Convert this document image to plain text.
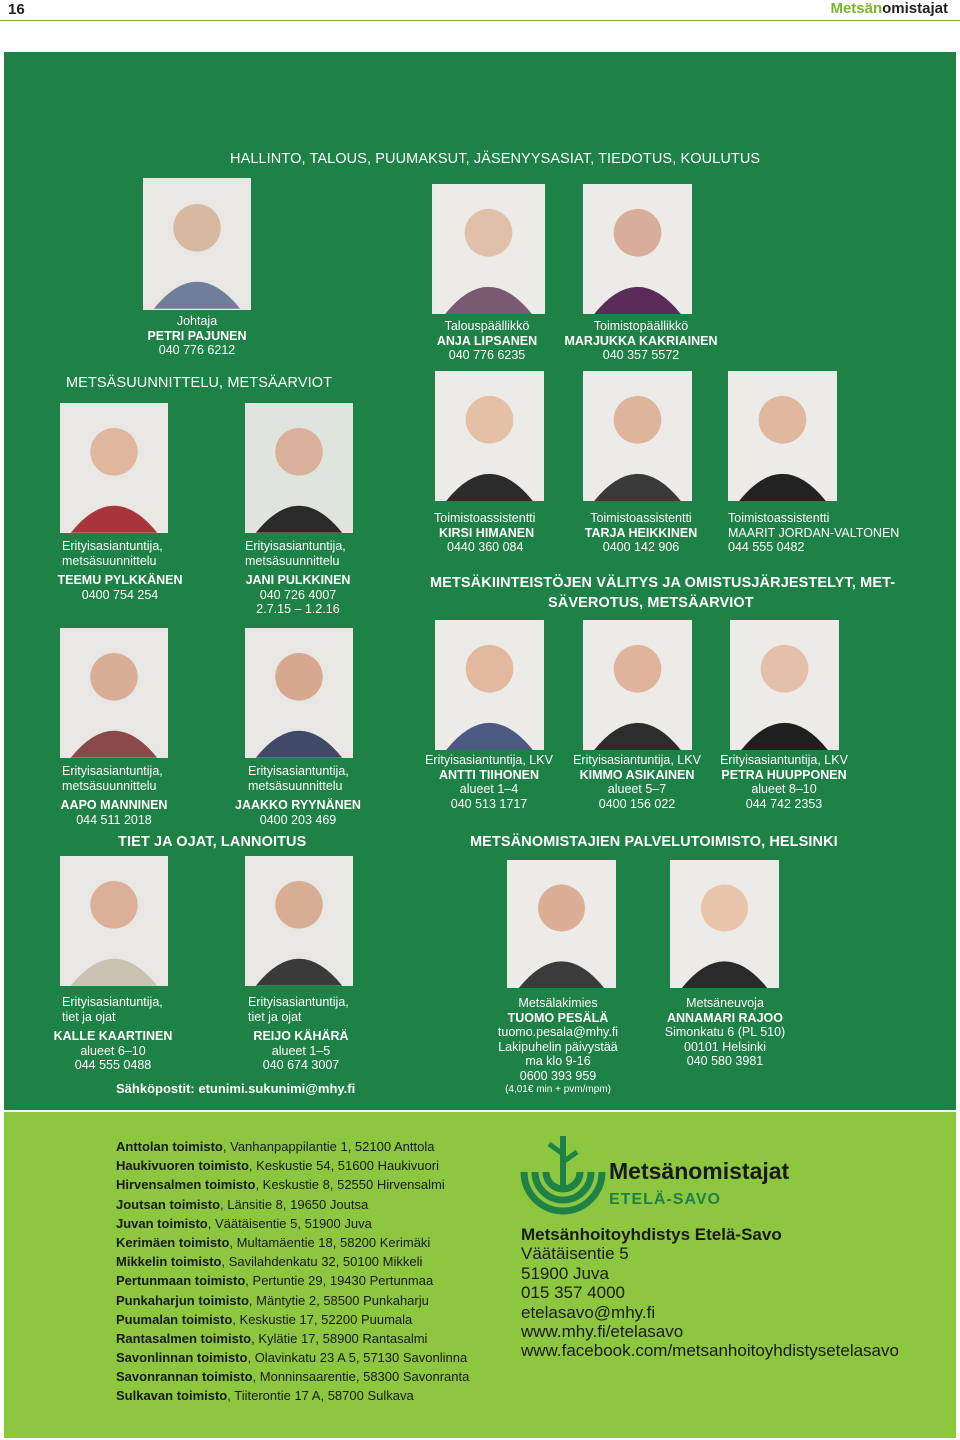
16	Metsänomistajat
HALLINTO, TALOUS, PUUMAKSUT, JÄSENYYSASIAT, TIEDOTUS, KOULUTUS
METSÄSUUNNITTELU, METSÄARVIOT
METSÄKIINTEISTÖJEN VÄLITYS JA OMISTUSJÄRJESTELYT, MET-
SÄVEROTUS, METSÄARVIOT
TIET JA OJAT, LANNOITUS	METSÄNOMISTAJIEN PALVELUTOIMISTO, HELSINKI
Johtaja
PETRI PAJUNEN
040 776 6212
Talouspäällikkö
ANJA LIPSANEN
040 776 6235
Toimistopäällikkö
MARJUKKA KAKRIAINEN
040 357 5572
Erityisasiantuntija,
metsäsuunnittelu
TEEMU PYLKKÄNEN
0400 754 254
Erityisasiantuntija,
metsäsuunnittelu
JANI PULKKINEN
040 726 4007
2.7.15 – 1.2.16
Toimistoassistentti
KIRSI HIMANEN
0440 360 084
Toimistoassistentti
TARJA HEIKKINEN
0400 142 906
Toimistoassistentti
MAARIT JORDAN-VALTONEN
044 555 0482
Erityisasiantuntija,
metsäsuunnittelu
AAPO MANNINEN
044 511 2018
Erityisasiantuntija,
metsäsuunnittelu
JAAKKO RYYNÄNEN
0400 203 469
Erityisasiantuntija, LKV
ANTTI TIIHONEN
alueet 1–4
040 513 1717
Erityisasiantuntija, LKV
KIMMO ASIKAINEN
alueet 5–7
0400 156 022
Erityisasiantuntija, LKV
PETRA HUUPPONEN
alueet 8–10
044 742 2353
Erityisasiantuntija,
tiet ja ojat
KALLE KAARTINEN
alueet 6–10
044 555 0488
Erityisasiantuntija,
tiet ja ojat
REIJO KÄHÄRÄ
alueet 1–5
040 674 3007
Metsälakimies
TUOMO PESÄLÄ
tuomo.pesala@mhy.fi
Lakipuhelin päivystää
ma klo 9-16
0600 393 959
(4,01€ min + pvm/mpm)
Metsäneuvoja
ANNAMARI RAJOO
Simonkatu 6 (PL 510)
00101 Helsinki
040 580 3981
Sähköpostit: etunimi.sukunimi@mhy.fi
Anttolan toimisto, Vanhanpappilantie 1, 52100 Anttola
Haukivuoren toimisto, Keskustie 54, 51600 Haukivuori
Hirvensalmen toimisto, Keskustie 8, 52550 Hirvensalmi
Joutsan toimisto, Länsitie 8, 19650 Joutsa
Juvan toimisto, Väätäisentie 5, 51900 Juva
Kerimäen toimisto, Multamäentie 18, 58200 Kerimäki
Mikkelin toimisto, Savilahdenkatu 32, 50100 Mikkeli
Pertunmaan toimisto, Pertuntie 29, 19430 Pertunmaa
Punkaharjun toimisto, Mäntytie 2, 58500 Punkaharju
Puumalan toimisto, Keskustie 17, 52200 Puumala
Rantasalmen toimisto, Kylätie 17, 58900 Rantasalmi
Savonlinnan toimisto, Olavinkatu 23 A 5, 57130 Savonlinna
Savonrannan toimisto, Monninsaarentie, 58300 Savonranta
Sulkavan toimisto, Tiiterontie 17 A, 58700 Sulkava
Metsänomistajat
ETELÄ-SAVO
Metsänhoitoyhdistys Etelä-Savo
Väätäisentie 5
51900 Juva
015 357 4000
etelasavo@mhy.fi
www.mhy.fi/etelasavo
www.facebook.com/metsanhoitoyhdistysetelasavo
